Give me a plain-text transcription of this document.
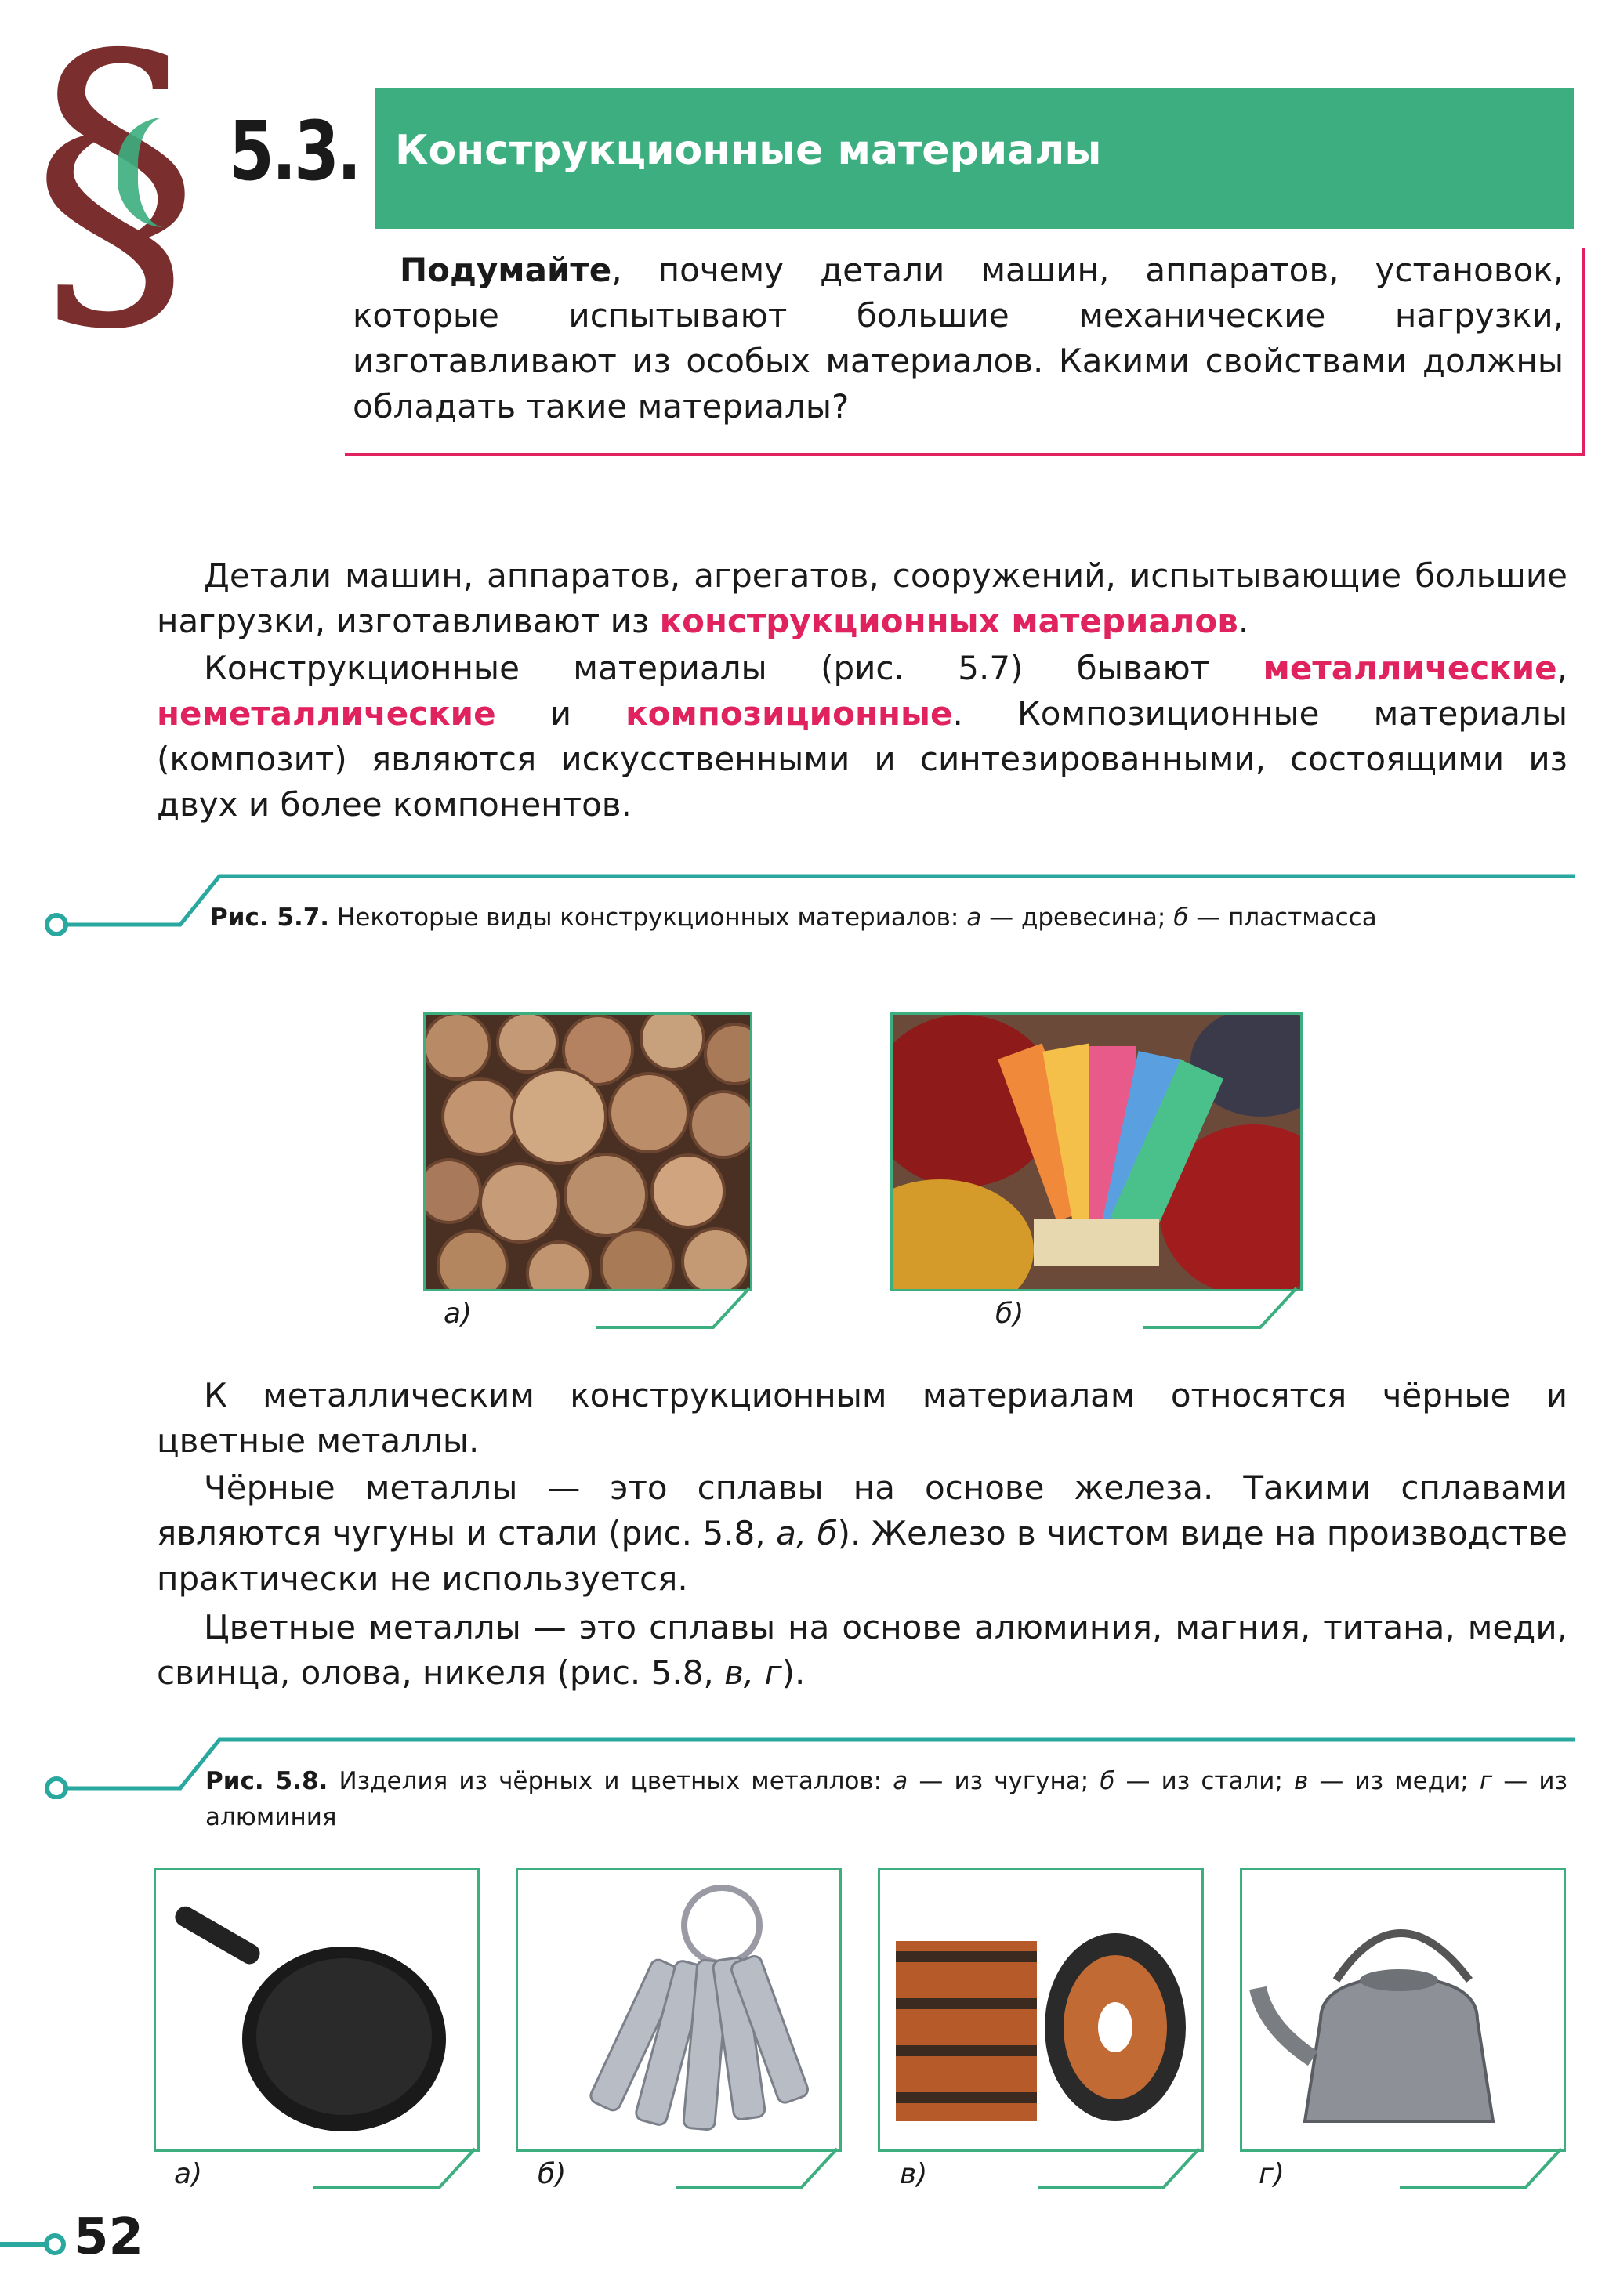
§ 5.3. Конструкционные материалы

Подумайте, почему детали машин, аппаратов, установок, которые испытывают большие механические нагрузки, изготавливают из особых материалов. Какими свойствами должны обладать такие материалы?

Детали машин, аппаратов, агрегатов, сооружений, испытывающие большие нагрузки, изготавливают из конструкционных материалов.

Конструкционные материалы (рис. 5.7) бывают металлические, неметаллические и композиционные. Композиционные материалы (композит) являются искусственными и синтезированными, состоящими из двух и более компонентов.

Рис. 5.7. Некоторые виды конструкционных материалов: а — древесина; б — пластмасса

а)	б)

К металлическим конструкционным материалам относятся чёрные и цветные металлы.

Чёрные металлы — это сплавы на основе железа. Такими сплавами являются чугуны и стали (рис. 5.8, а, б). Железо в чистом виде на производстве практически не используется.

Цветные металлы — это сплавы на основе алюминия, магния, титана, меди, свинца, олова, никеля (рис. 5.8, в, г).

Рис. 5.8. Изделия из чёрных и цветных металлов: а — из чугуна; б — из стали; в — из меди; г — из алюминия

а)	б)	в)	г)
52
